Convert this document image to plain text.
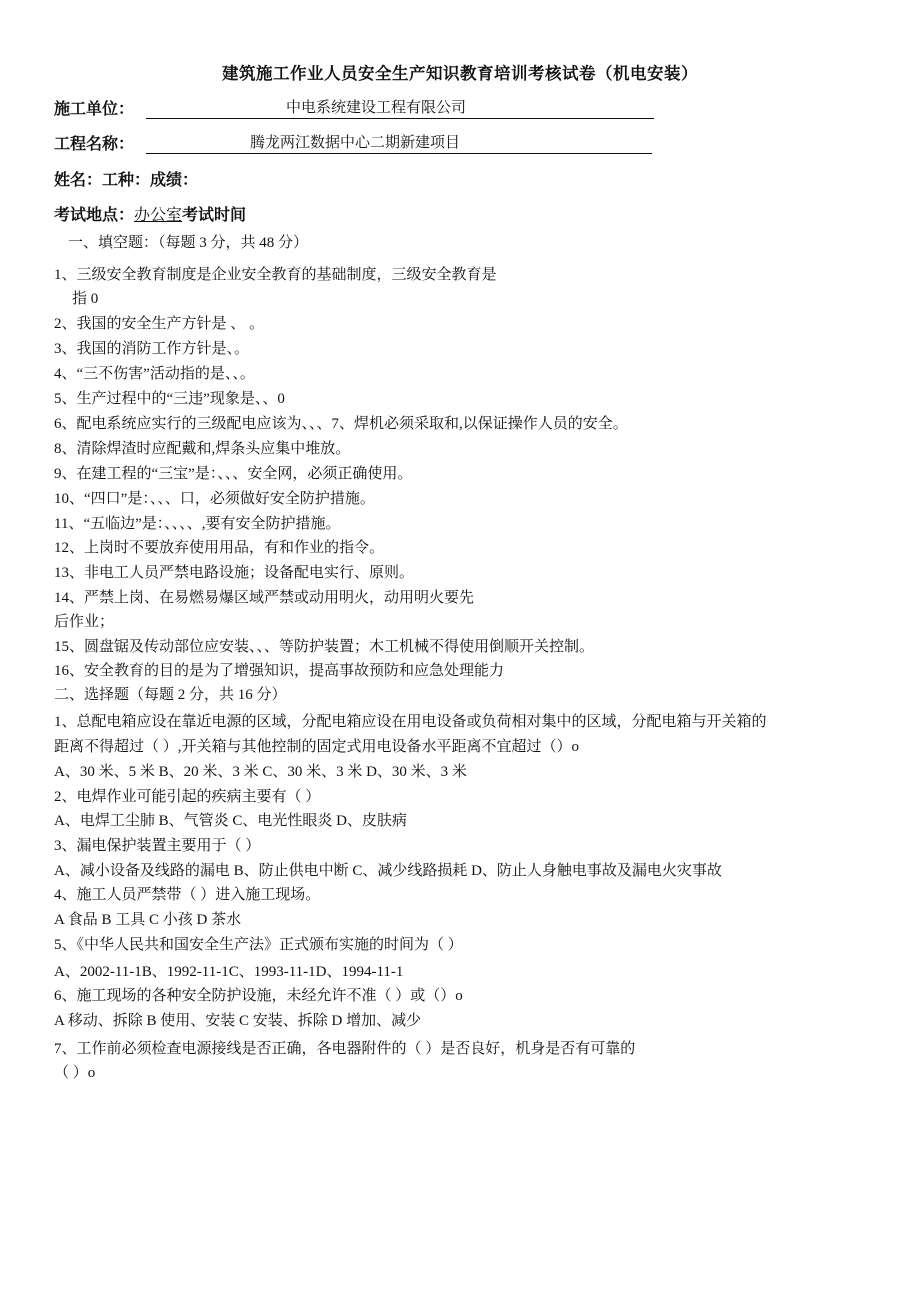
建筑施工作业人员安全生产知识教育培训考核试卷（机电安装）
施工单位：	中电系统建设工程有限公司
工程名称：	腾龙两江数据中心二期新建项目
姓名：工种：成绩：
考试地点：办公室考试时间
一、填空题：（每题 3 分，共 48 分）
1、三级安全教育制度是企业安全教育的基础制度，三级安全教育是
指 0
2、我国的安全生产方针是 、 。
3、我国的消防工作方针是、。
4、“三不伤害”活动指的是、、。
5、生产过程中的“三违”现象是、、0
6、配电系统应实行的三级配电应该为、、、7、焊机必须采取和,以保证操作人员的安全。
8、清除焊渣时应配戴和,焊条头应集中堆放。
9、在建工程的“三宝”是：、、、安全网，必须正确使用。
10、“四口”是：、、、口，必须做好安全防护措施。
11、“五临边”是：、、、、,要有安全防护措施。
12、上岗时不要放弃使用用品，有和作业的指令。
13、非电工人员严禁电路设施；设备配电实行、原则。
14、严禁上岗、在易燃易爆区域严禁或动用明火，动用明火要先
后作业；
15、圆盘锯及传动部位应安装、、、等防护装置；木工机械不得使用倒顺开关控制。
16、安全教育的目的是为了增强知识，提高事故预防和应急处理能力
二、选择题（每题 2 分，共 16 分）
1、总配电箱应设在靠近电源的区域，分配电箱应设在用电设备或负荷相对集中的区域，分配电箱与开关箱的
距离不得超过（ ）,开关箱与其他控制的固定式用电设备水平距离不宜超过（）o
A、30 米、5 米 B、20 米、3 米 C、30 米、3 米 D、30 米、3 米
2、电焊作业可能引起的疾病主要有（ ）
A、电焊工尘肺 B、气管炎 C、电光性眼炎 D、皮肤病
3、漏电保护装置主要用于（ ）
A、减小设备及线路的漏电 B、防止供电中断 C、减少线路损耗 D、防止人身触电事故及漏电火灾事故
4、施工人员严禁带（ ）进入施工现场。
A 食品 B 工具 C 小孩 D 茶水
5、《中华人民共和国安全生产法》正式颁布实施的时间为（ ）
A、2002-11-1B、1992-11-1C、1993-11-1D、1994-11-1
6、施工现场的各种安全防护设施，未经允许不准（ ）或（）o
A 移动、拆除 B 使用、安装 C 安装、拆除 D 增加、减少
7、工作前必须检查电源接线是否正确，各电器附件的（ ）是否良好，机身是否有可靠的
（ ）o
